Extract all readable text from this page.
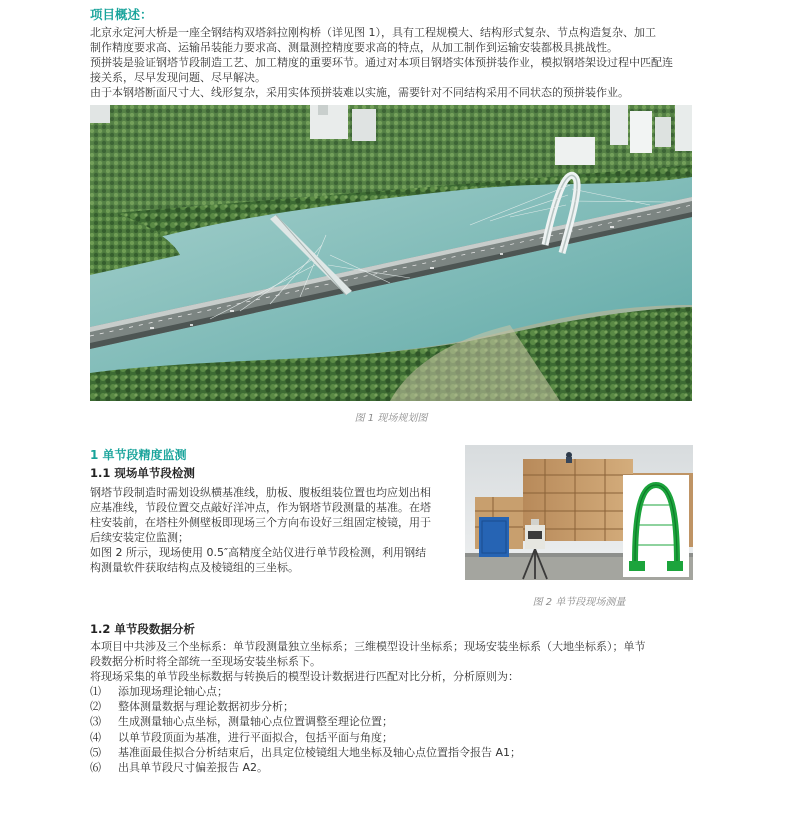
项目概述：

北京永定河大桥是一座全钢结构双塔斜拉刚构桥（详见图 1），具有工程规模大、结构形式复杂、节点构造复杂、加工

制作精度要求高、运输吊装能力要求高、测量测控精度要求高的特点，从加工制作到运输安装都极具挑战性。

预拼装是验证钢塔节段制造工艺、加工精度的重要环节。通过对本项目钢塔实体预拼装作业，模拟钢塔架设过程中匹配连

接关系，尽早发现问题、尽早解决。

由于本钢塔断面尺寸大、线形复杂，采用实体预拼装难以实施，需要针对不同结构采用不同状态的预拼装作业。

图 1 现场规划图
1 单节段精度监测
1.1 现场单节段检测

钢塔节段制造时需划设纵横基准线，肋板、腹板组装位置也均应划出相

应基准线，节段位置交点敲好洋冲点，作为钢塔节段测量的基准。在塔

柱安装前，在塔柱外侧壁板即现场三个方向布设好三组固定棱镜，用于

后续安装定位监测；

如图 2 所示，现场使用 0.5″高精度全站仪进行单节段检测，利用钢结

构测量软件获取结构点及棱镜组的三坐标。

图 2 单节段现场测量
1.2 单节段数据分析

本项目中共涉及三个坐标系：单节段测量独立坐标系；三维模型设计坐标系；现场安装坐标系（大地坐标系）；单节

段数据分析时将全部统一至现场安装坐标系下。

将现场采集的单节段坐标数据与转换后的模型设计数据进行匹配对比分析，分析原则为：

⑴	添加现场理论轴心点；
⑵	整体测量数据与理论数据初步分析；
⑶	生成测量轴心点坐标，测量轴心点位置调整至理论位置；
⑷	以单节段顶面为基准，进行平面拟合，包括平面与角度；
⑸	基准面最佳拟合分析结束后，出具定位棱镜组大地坐标及轴心点位置指令报告 A1；
⑹	出具单节段尺寸偏差报告 A2。
